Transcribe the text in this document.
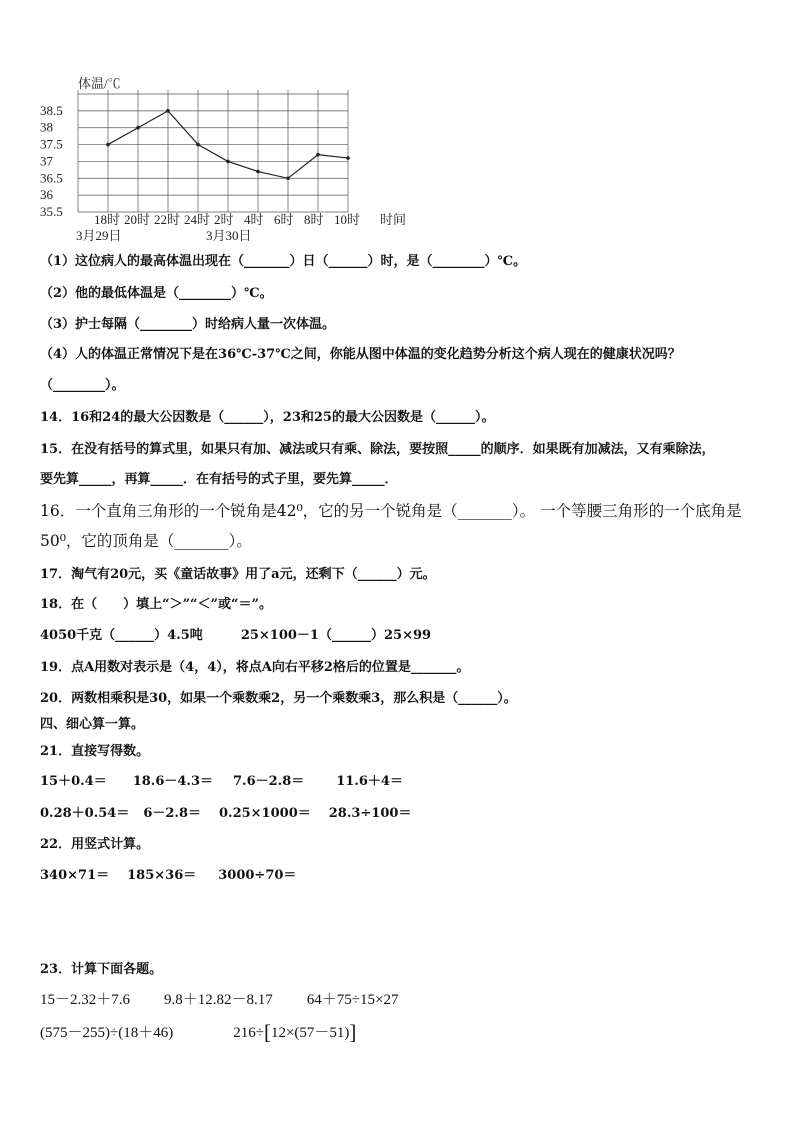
35.5
36
36.5
37
37.5
38
38.5
18时 20时 22时 24时 2时 4时 6时 8时 10时
体温/℃
时间
3月29日	3月30日
（1）这位病人的最高体温出现在（_______）日（______）时，是（________）℃。
（2）他的最低体温是（________）℃。
（3）护士每隔（________）时给病人量一次体温。
（4）人的体温正常情况下是在36℃-37℃之间，你能从图中体温的变化趋势分析这个病人现在的健康状况吗？
（________）。
14．16和24的最大公因数是（______），23和25的最大公因数是（______）。
15．在没有括号的算式里，如果只有加、减法或只有乘、除法，要按照_____的顺序．如果既有加减法，又有乘除法，
要先算_____，再算_____．在有括号的式子里，要先算_____．
16．一个直角三角形的一个锐角是42⁰，它的另一个锐角是（_______）。 一个等腰三角形的一个底角是
50⁰，它的顶角是（_______）。
17．淘气有20元，买《童话故事》用了a元，还剩下（______）元。
18．在（　　）填上“＞”“＜”或“＝”。
4050千克（______）4.5吨	25×100－1（______）25×99
19．点A用数对表示是（4，4），将点A向右平移2格后的位置是_______。
20．两数相乘积是30，如果一个乘数乘2，另一个乘数乘3，那么积是（______）。
四、细心算一算。
21．直接写得数。
15＋0.4＝ 18.6－4.3＝ 7.6－2.8＝ 11.6＋4＝
0.28＋0.54＝ 6－2.8＝ 0.25×1000＝ 28.3÷100＝
22．用竖式计算。
340×71＝ 185×36＝ 3000÷70＝
23．计算下面各题。
15－2.32＋7.6 9.8＋12.82－8.17 64＋75÷15×27
(575－255)÷(18＋46)	216÷[12×(57－51)]
